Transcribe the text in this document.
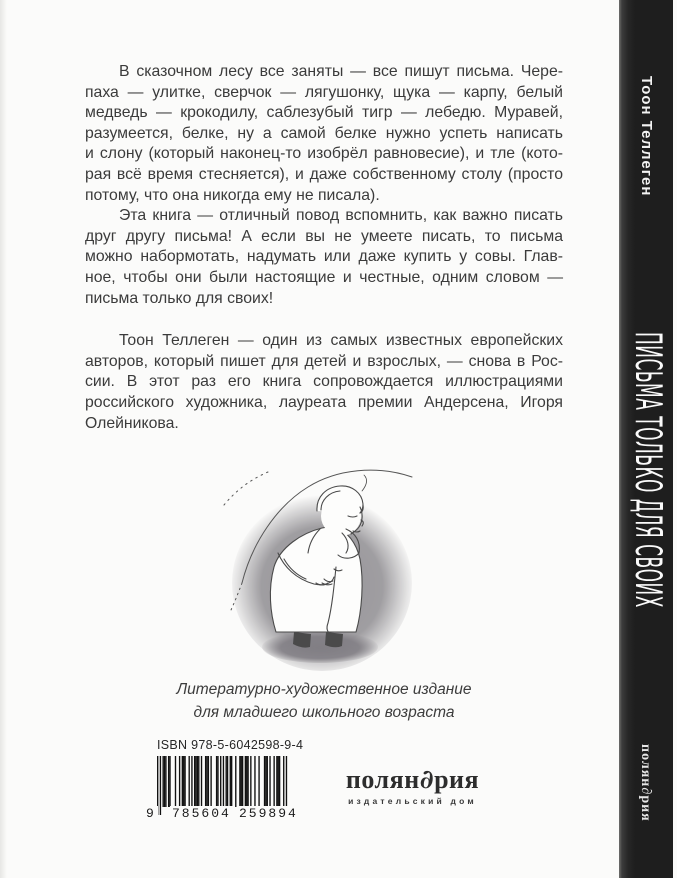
В сказочном лесу все заняты — все пишут письма. Чере-
паха — улитке, сверчок — лягушонку, щука — карпу, белый
медведь — крокодилу, саблезубый тигр — лебедю. Муравей,
разумеется, белке, ну а самой белке нужно успеть написать
и слону (который наконец-то изобрёл равновесие), и тле (кото-
рая всё время стесняется), и даже собственному столу (просто
потому, что она никогда ему не писала).
Эта книга — отличный повод вспомнить, как важно писать
друг другу письма! А если вы не умеете писать, то письма
можно набормотать, надумать или даже купить у совы. Глав-
ное, чтобы они были настоящие и честные, одним словом —
письма только для своих!
Тоон Теллеген — один из самых известных европейских
авторов, который пишет для детей и взрослых, — снова в Рос-
сии. В этот раз его книга сопровождается иллюстрациями
российского художника, лауреата премии Андерсена, Игоря
Олейникова.
Литературно-художественное издание
для младшего школьного возраста
ISBN 978-5-6042598-9-4
9 785604 259894
полян∂рия
издательский дом
Тоон Теллеген
ПИСЬМА ТОЛЬКО ДЛЯ СВОИХ
полян∂рия
